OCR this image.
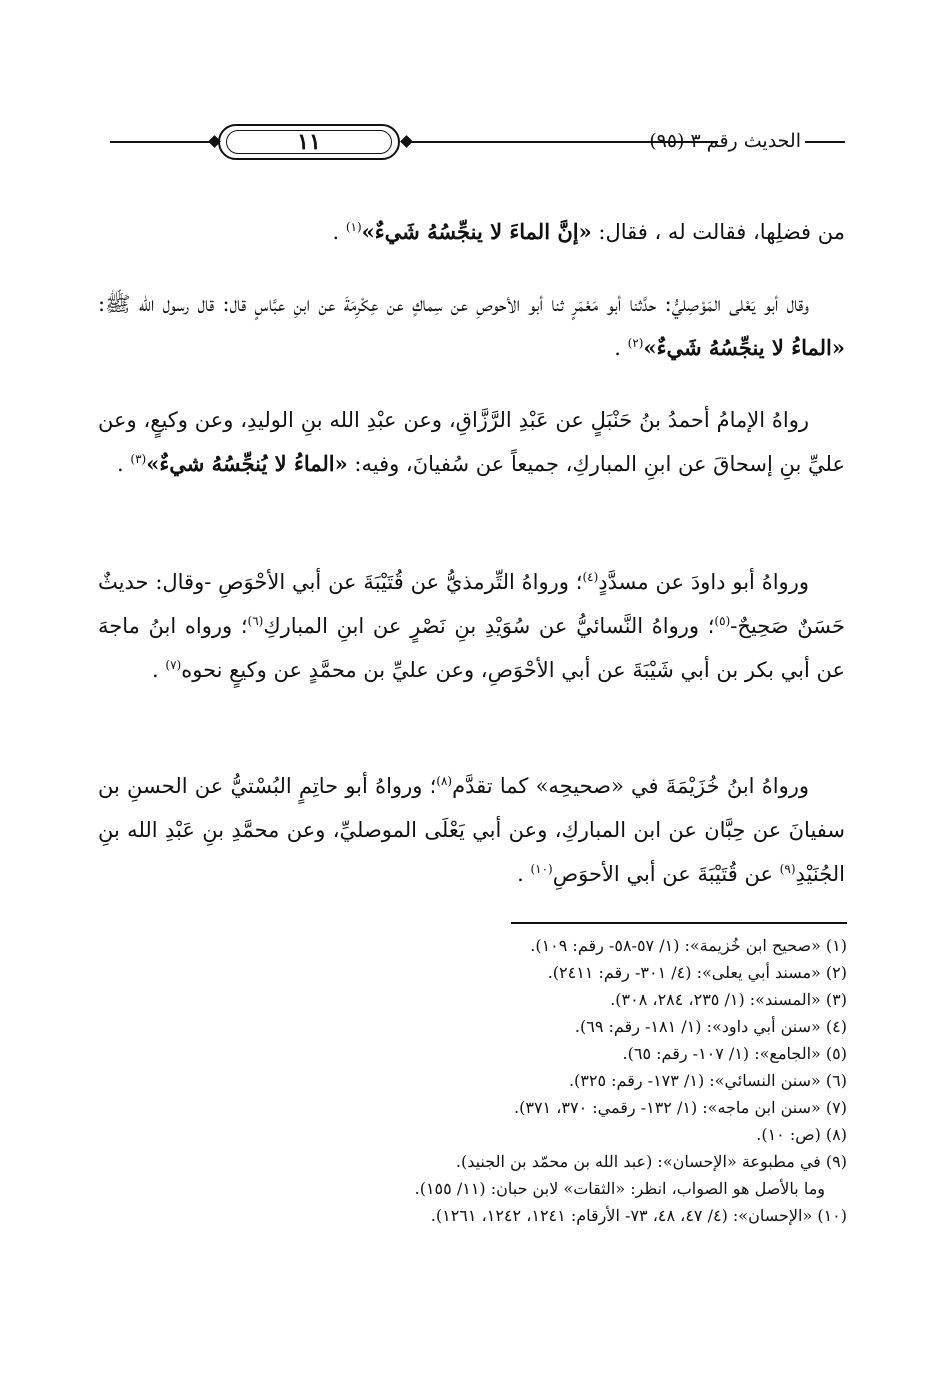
١١	الحديث رقم ٣ (٩٥)

من فضلِها، فقالت له ، فقال: «إنَّ الماءَ لا ينجِّسُهُ شَيءٌ»$^{(١)}$ .

وقال أبو يَعْلى المَوْصِليُّ: حدَّثنا أبو مَعْمَرٍ ثنا أبو الأحوصِ عن سِماكٍ عن عِكْرِمَةَ عن ابنِ عبَّاسٍ قال: قال رسول الله ﷺ: «الماءُ لا ينجِّسُهُ شَيءٌ»$^{(٢)}$ .

رواهُ الإمامُ أحمدُ بنُ حَنْبَلٍ عن عَبْدِ الرَّزَّاقِ، وعن عبْدِ الله بنِ الوليدِ، وعن وكيعٍ، وعن عليِّ بنِ إسحاقَ عن ابنِ المباركِ، جميعاً عن سُفيانَ، وفيه: «الماءُ لا يُنجِّسُهُ شيءٌ»$^{(٣)}$ .

ورواهُ أبو داودَ عن مسدَّدٍ$^{(٤)}$؛ ورواهُ التِّرمذيُّ عن قُتَيْبَةَ عن أبي الأحْوَصِ -وقال: حديثٌ حَسَنٌ صَحِيحٌ-$^{(٥)}$؛ ورواهُ النَّسائيُّ عن سُوَيْدِ بنِ نَصْرٍ عن ابنِ المباركِ$^{(٦)}$؛ ورواه ابنُ ماجهَ عن أبي بكر بن أبي شَيْبَةَ عن أبي الأحْوَصِ، وعن عليِّ بن محمَّدٍ عن وكيعٍ نحوه$^{(٧)}$ .

ورواهُ ابنُ خُزَيْمَةَ في «صحيحِه» كما تقدَّم$^{(٨)}$؛ ورواهُ أبو حاتِمٍ البُسْتيُّ عن الحسنِ بن سفيانَ عن حِبَّان عن ابن المباركِ، وعن أبي يَعْلَى الموصليِّ، وعن محمَّدِ بنِ عَبْدِ الله بنِ الجُنَيْدِ$^{(٩)}$ عن قُتَيْبَةَ عن أبي الأحوَصِ$^{(١٠)}$ .

(١) «صحيح ابن خُزيمة»: (١/ ٥٧-٥٨- رقم: ١٠٩).
(٢) «مسند أبي يعلى»: (٤/ ٣٠١- رقم: ٢٤١١).
(٣) «المسند»: (١/ ٢٣٥، ٢٨٤، ٣٠٨).
(٤) «سنن أبي داود»: (١/ ١٨١- رقم: ٦٩).
(٥) «الجامع»: (١/ ١٠٧- رقم: ٦٥).
(٦) «سنن النسائي»: (١/ ١٧٣- رقم: ٣٢٥).
(٧) «سنن ابن ماجه»: (١/ ١٣٢- رقمي: ٣٧٠، ٣٧١).
(٨) (ص: ١٠).
(٩) في مطبوعة «الإحسان»: (عبد الله بن محمّد بن الجنيد).
وما بالأصل هو الصواب، انظر: «الثقات» لابن حبان: (١١/ ١٥٥).
(١٠) «الإحسان»: (٤/ ٤٧، ٤٨، ٧٣- الأرقام: ١٢٤١، ١٢٤٢، ١٢٦١).
